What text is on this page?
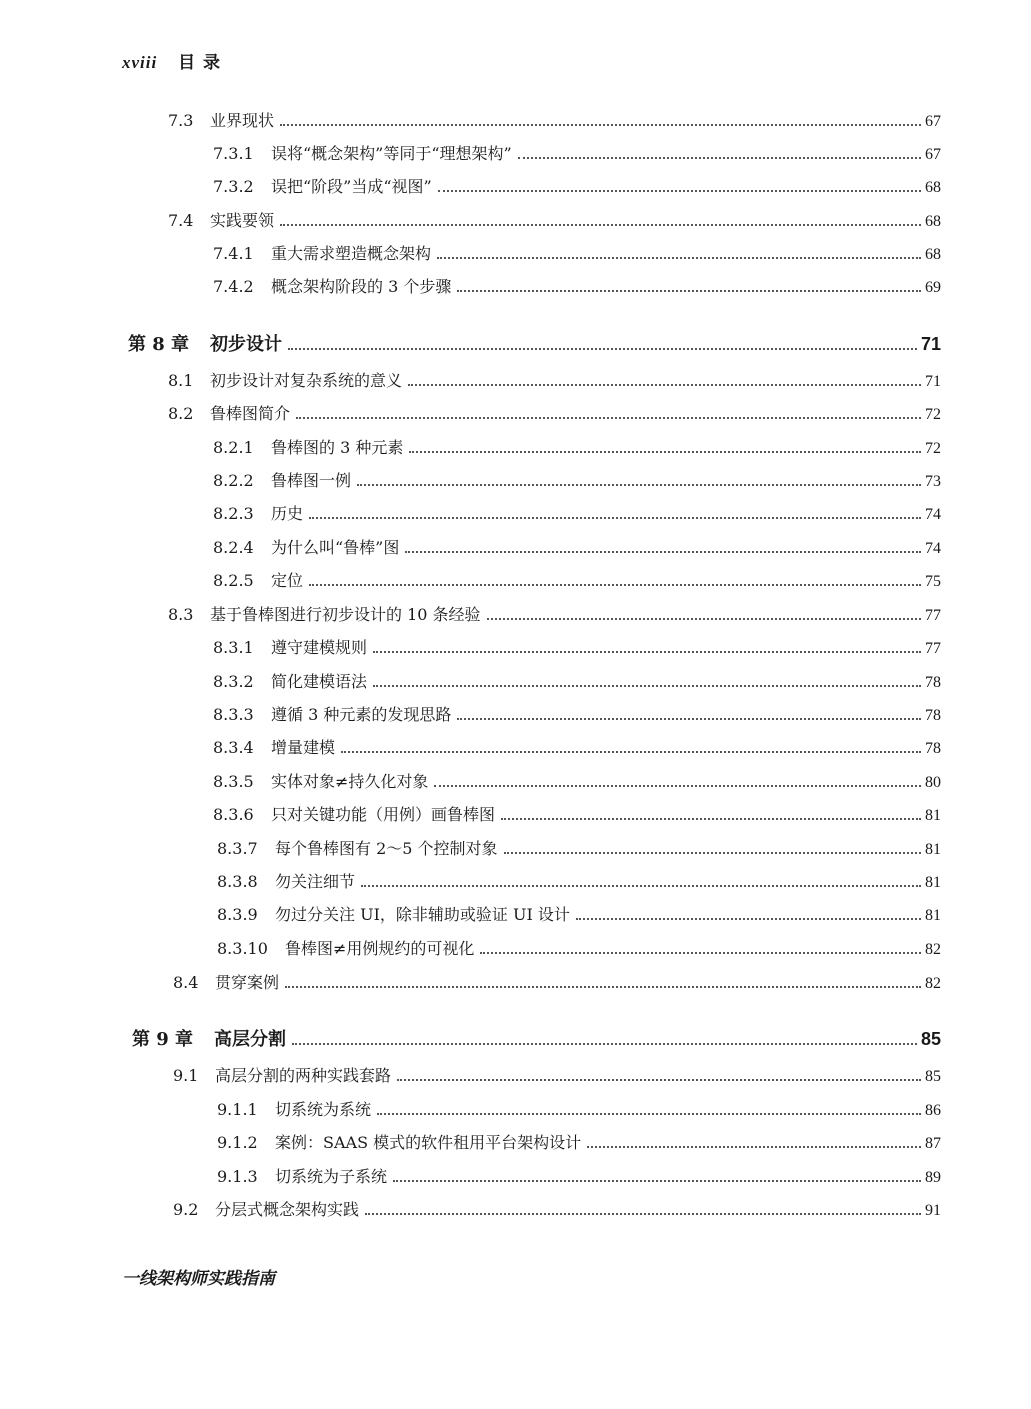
xviii 目 录
7.3	业界现状	67
7.3.1	误将“概念架构”等同于“理想架构”	67
7.3.2	误把“阶段”当成“视图”	68
7.4	实践要领	68
7.4.1	重大需求塑造概念架构	68
7.4.2	概念架构阶段的 3 个步骤	69
第 8 章	初步设计	71
8.1	初步设计对复杂系统的意义	71
8.2	鲁棒图简介	72
8.2.1	鲁棒图的 3 种元素	72
8.2.2	鲁棒图一例	73
8.2.3	历史	74
8.2.4	为什么叫“鲁棒”图	74
8.2.5	定位	75
8.3	基于鲁棒图进行初步设计的 10 条经验	77
8.3.1	遵守建模规则	77
8.3.2	简化建模语法	78
8.3.3	遵循 3 种元素的发现思路	78
8.3.4	增量建模	78
8.3.5	实体对象≠持久化对象	80
8.3.6	只对关键功能（用例）画鲁棒图	81
8.3.7	每个鲁棒图有 2～5 个控制对象	81
8.3.8	勿关注细节	81
8.3.9	勿过分关注 UI，除非辅助或验证 UI 设计	81
8.3.10	鲁棒图≠用例规约的可视化	82
8.4	贯穿案例	82
第 9 章	高层分割	85
9.1	高层分割的两种实践套路	85
9.1.1	切系统为系统	86
9.1.2	案例：SAAS 模式的软件租用平台架构设计	87
9.1.3	切系统为子系统	89
9.2	分层式概念架构实践	91
一线架构师实践指南
